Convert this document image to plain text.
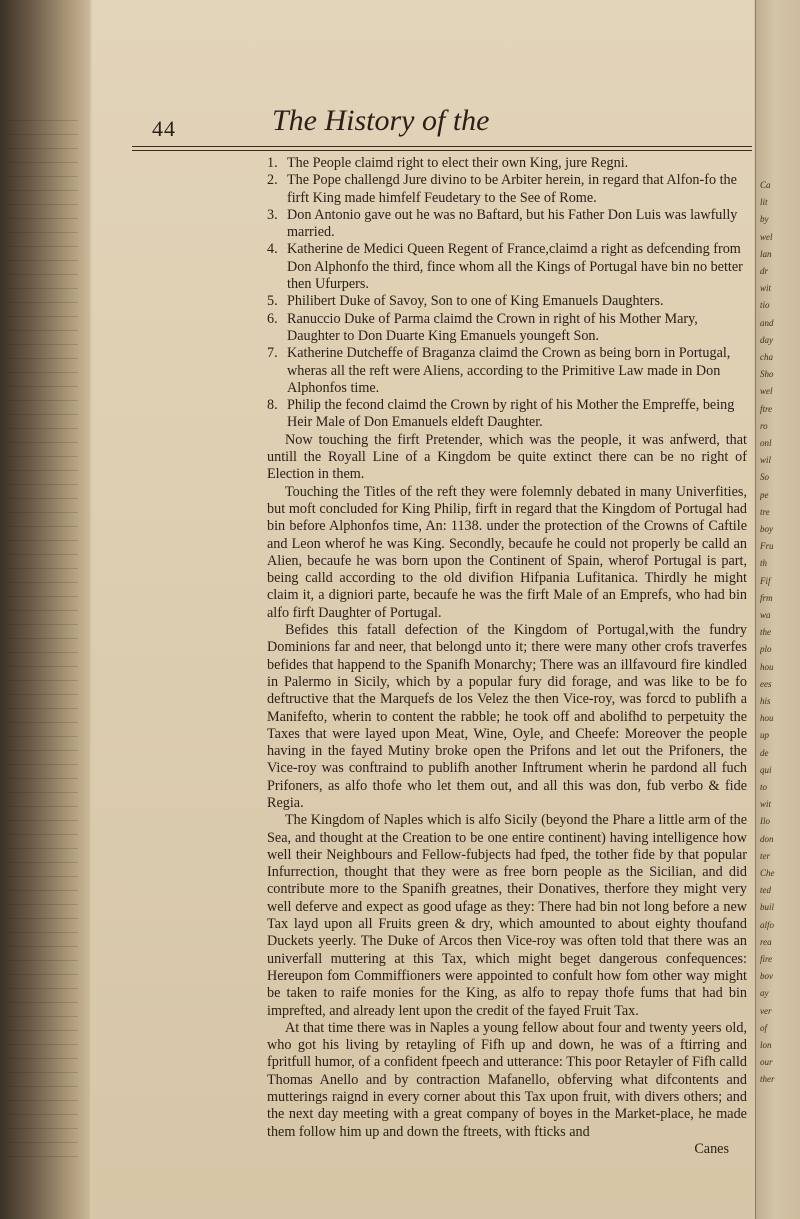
44	The History of the
1. The People claimd right to elect their own King, jure Regni.
2. The Pope challengd Jure divino to be Arbiter herein, in regard that Alfon-fo the firft King made himfelf Feudetary to the See of Rome.
3. Don Antonio gave out he was no Baftard, but his Father Don Luis was lawfully married.
4. Katherine de Medici Queen Regent of France,claimd a right as defcending from Don Alphonfo the third, fince whom all the Kings of Portugal have bin no better then Ufurpers.
5. Philibert Duke of Savoy, Son to one of King Emanuels Daughters.
6. Ranuccio Duke of Parma claimd the Crown in right of his Mother Mary, Daughter to Don Duarte King Emanuels youngeft Son.
7. Katherine Dutcheffe of Braganza claimd the Crown as being born in Portugal, wheras all the reft were Aliens, according to the Primitive Law made in Don Alphonfos time.
8. Philip the fecond claimd the Crown by right of his Mother the Empreffe, being Heir Male of Don Emanuels eldeft Daughter.

Now touching the firft Pretender, which was the people, it was anfwerd, that untill the Royall Line of a Kingdom be quite extinct there can be no right of Election in them.

Touching the Titles of the reft they were folemnly debated in many Univerfities, but moft concluded for King Philip, firft in regard that the Kingdom of Portugal had bin before Alphonfos time, An: 1138. under the protection of the Crowns of Caftile and Leon wherof he was King. Secondly, becaufe he could not properly be calld an Alien, becaufe he was born upon the Continent of Spain, wherof Portugal is part, being calld according to the old divifion Hifpania Lufitanica. Thirdly he might claim it, a digniori parte, becaufe he was the firft Male of an Emprefs, who had bin alfo firft Daughter of Portugal.

Befides this fatall defection of the Kingdom of Portugal,with the fundry Dominions far and neer, that belongd unto it; there were many other crofs traverfes befides that happend to the Spanifh Monarchy; There was an illfavourd fire kindled in Palermo in Sicily, which by a popular fury did forage, and was like to be fo deftructive that the Marquefs de los Velez the then Vice-roy, was forcd to publifh a Manifefto, wherin to content the rabble; he took off and abolifhd to perpetuity the Taxes that were layed upon Meat, Wine, Oyle, and Cheefe: Moreover the people having in the fayed Mutiny broke open the Prifons and let out the Prifoners, the Vice-roy was conftraind to publifh another Inftrument wherin he pardond all fuch Prifoners, as alfo thofe who let them out, and all this was don, fub verbo & fide Regia.

The Kingdom of Naples which is alfo Sicily (beyond the Phare a little arm of the Sea, and thought at the Creation to be one entire continent) having intelligence how well their Neighbours and Fellow-fubjects had fped, the tother fide by that popular Infurrection, thought that they were as free born people as the Sicilian, and did contribute more to the Spanifh greatnes, their Donatives, therfore they might very well deferve and expect as good ufage as they: There had bin not long before a new Tax layd upon all Fruits green & dry, which amounted to about eighty thoufand Duckets yeerly. The Duke of Arcos then Vice-roy was often told that there was an univerfall muttering at this Tax, which might beget dangerous confequences: Hereupon fom Commiffioners were appointed to confult how fom other way might be taken to raife monies for the King, as alfo to repay thofe fums that had bin imprefted, and already lent upon the credit of the fayed Fruit Tax.

At that time there was in Naples a young fellow about four and twenty yeers old, who got his living by retayling of Fifh up and down, he was of a ftirring and fpritfull humor, of a confident fpeech and utterance: This poor Retayler of Fifh calld Thomas Anello and by contraction Mafanello, obferving what difcontents and mutterings raignd in every corner about this Tax upon fruit, with divers others; and the next day meeting with a great company of boyes in the Market-place, he made them follow him up and down the ftreets, with fticks and

Canes
Ca
lit
by
wel
lan
dr
wit
tio
and
day
cha
Sho
wel
ftre
ro
onl
wil
So
pe
tre
boy
Fru
th
Fif
frm
wa
the
plo
hou
ees
his
hou
up
de
qui
to
wit
Ilo
don
ter
Che
ted
buil
alfo
rea
fire
bov
ay
ver
of
lon
our
ther
